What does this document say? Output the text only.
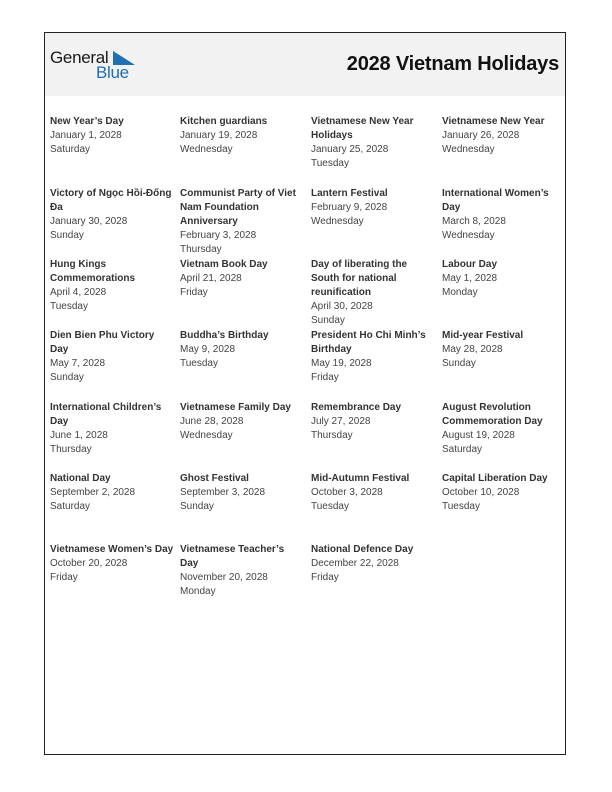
General
Blue	2028 Vietnam Holidays
New Year’s Day
January 1, 2028
Saturday
Kitchen guardians
January 19, 2028
Wednesday
Vietnamese New Year Holidays
January 25, 2028
Tuesday
Vietnamese New Year
January 26, 2028
Wednesday
Victory of Ngọc Hồi-Đống Đa
January 30, 2028
Sunday
Communist Party of Viet Nam Foundation Anniversary
February 3, 2028
Thursday
Lantern Festival
February 9, 2028
Wednesday
International Women’s Day
March 8, 2028
Wednesday
Hung Kings Commemorations
April 4, 2028
Tuesday
Vietnam Book Day
April 21, 2028
Friday
Day of liberating the South for national reunification
April 30, 2028
Sunday
Labour Day
May 1, 2028
Monday
Dien Bien Phu Victory Day
May 7, 2028
Sunday
Buddha’s Birthday
May 9, 2028
Tuesday
President Ho Chi Minh’s Birthday
May 19, 2028
Friday
Mid-year Festival
May 28, 2028
Sunday
International Children’s Day
June 1, 2028
Thursday
Vietnamese Family Day
June 28, 2028
Wednesday
Remembrance Day
July 27, 2028
Thursday
August Revolution Commemoration Day
August 19, 2028
Saturday
National Day
September 2, 2028
Saturday
Ghost Festival
September 3, 2028
Sunday
Mid-Autumn Festival
October 3, 2028
Tuesday
Capital Liberation Day
October 10, 2028
Tuesday
Vietnamese Women’s Day
October 20, 2028
Friday
Vietnamese Teacher’s Day
November 20, 2028
Monday
National Defence Day
December 22, 2028
Friday
